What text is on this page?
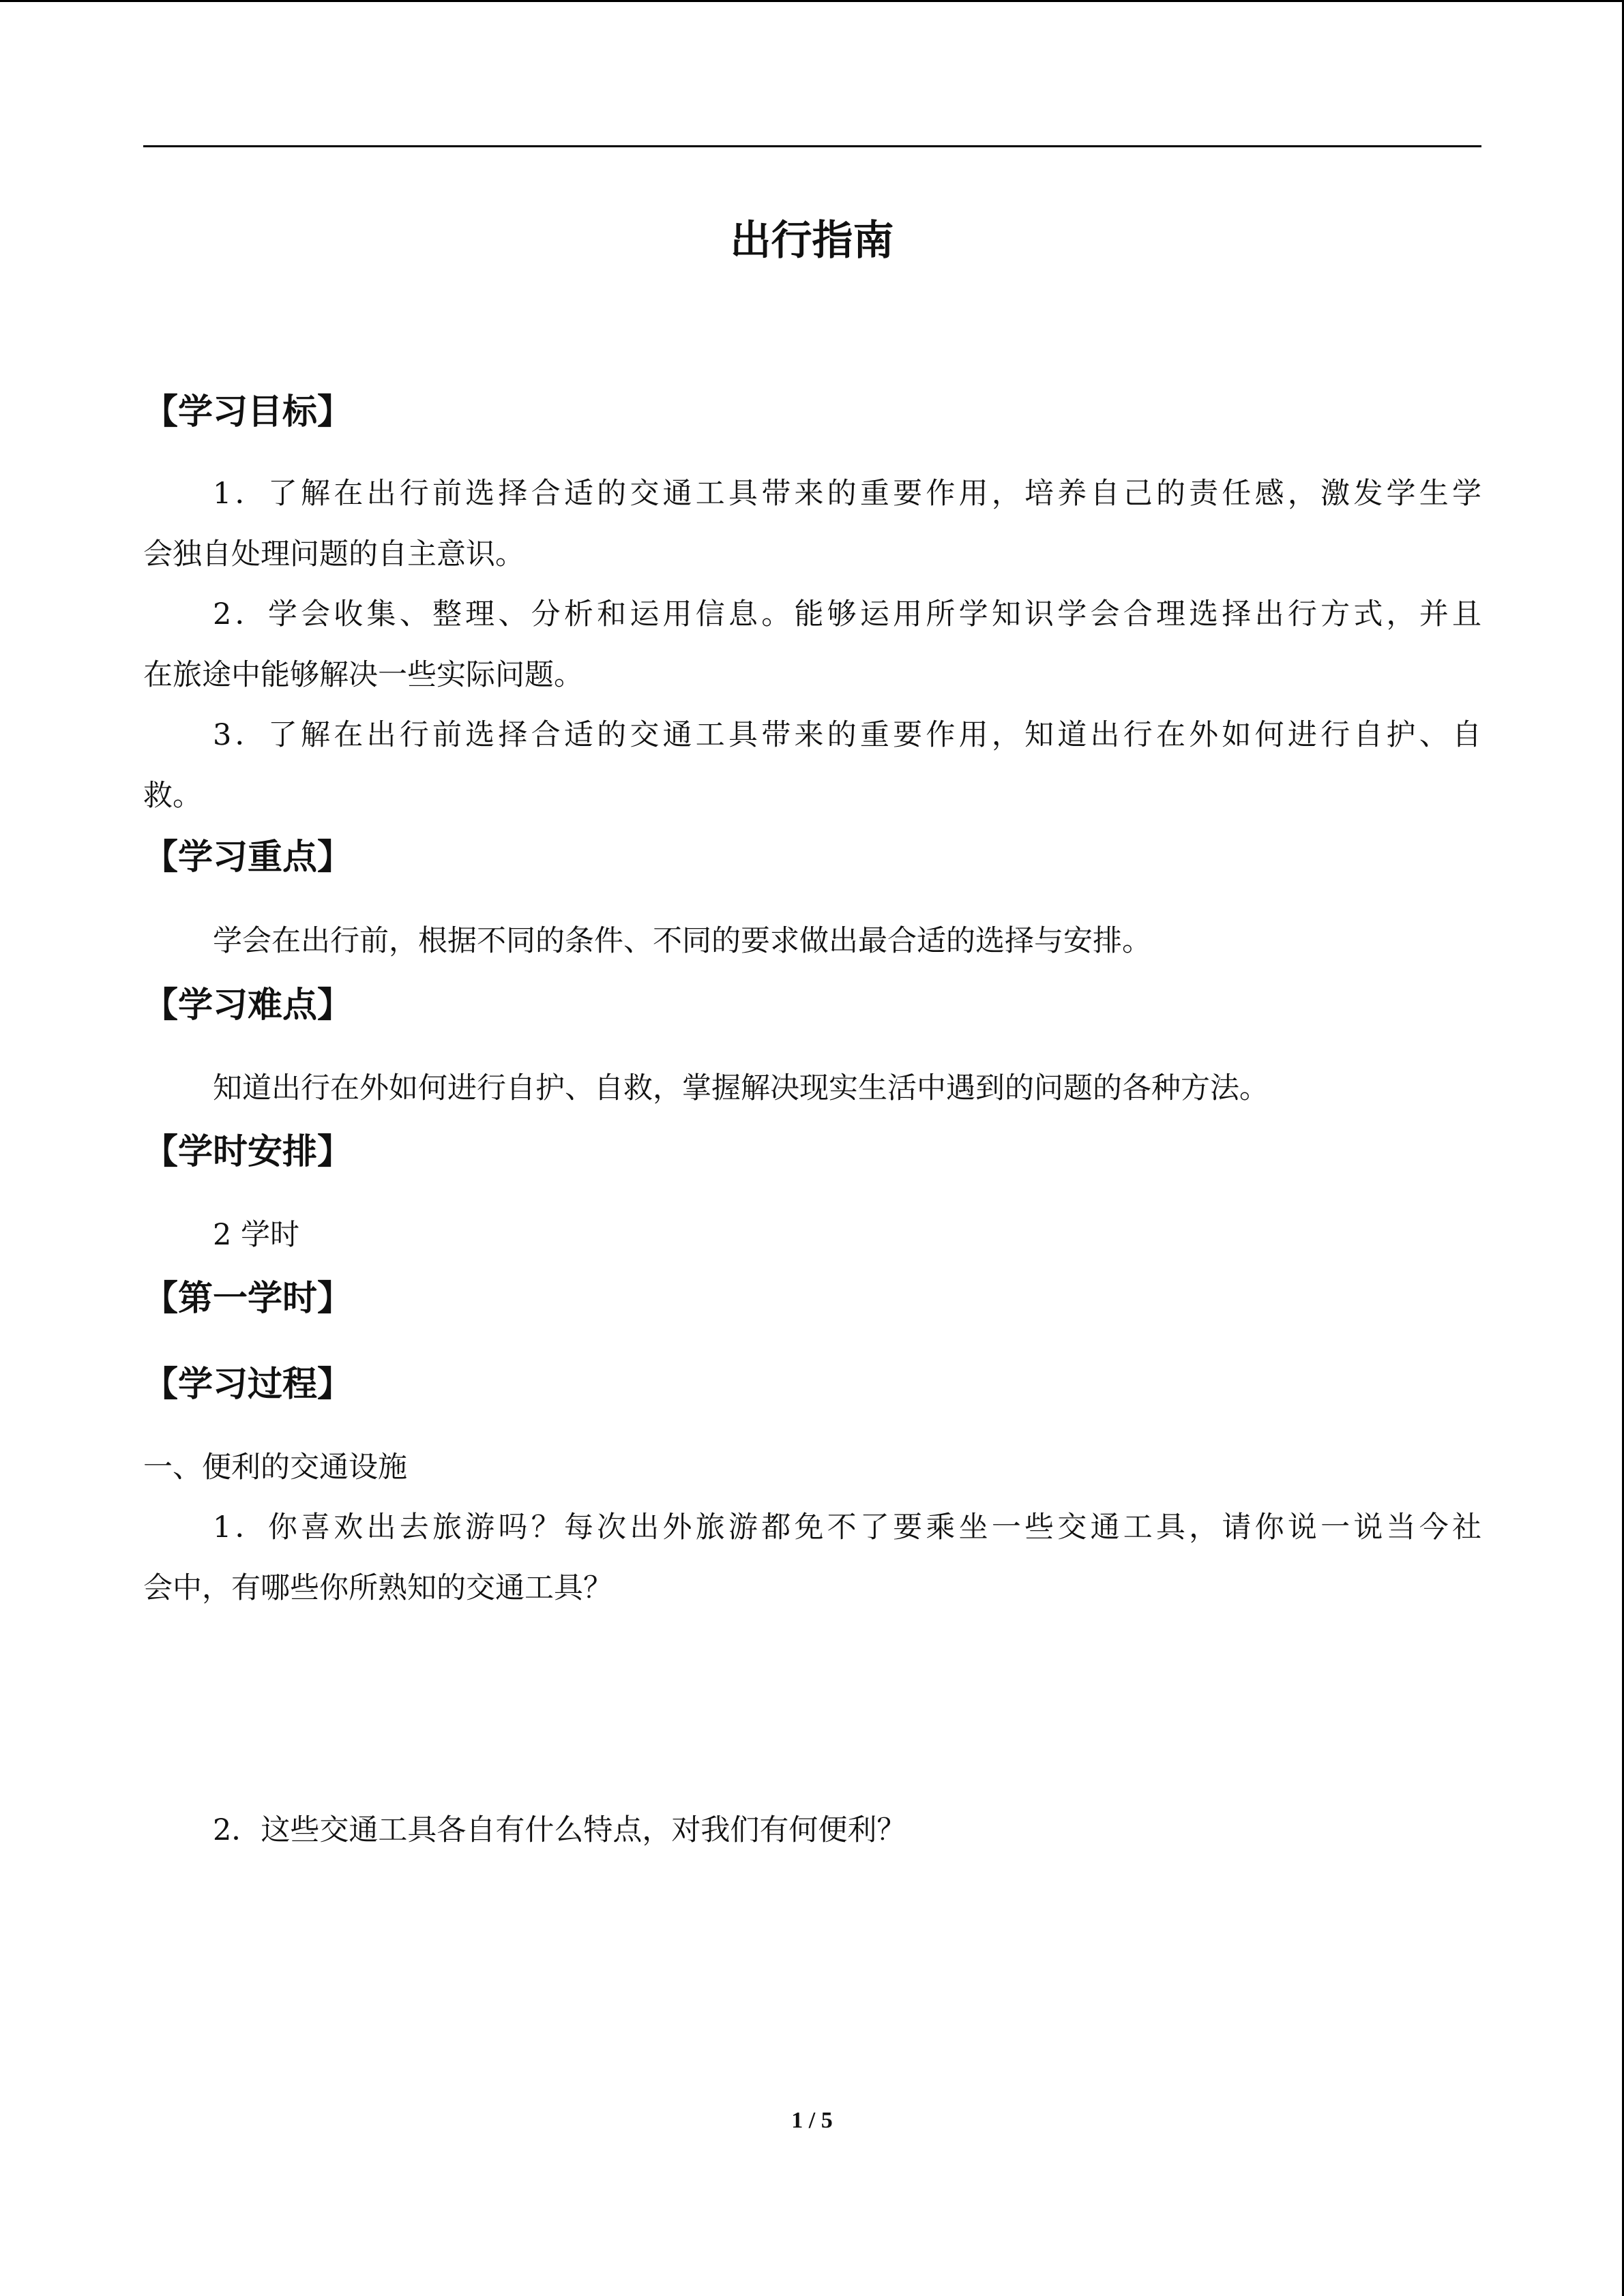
出行指南
【学习目标】
1．了解在出行前选择合适的交通工具带来的重要作用，培养自己的责任感，激发学生学
会独自处理问题的自主意识。
2．学会收集、整理、分析和运用信息。能够运用所学知识学会合理选择出行方式，并且
在旅途中能够解决一些实际问题。
3．了解在出行前选择合适的交通工具带来的重要作用，知道出行在外如何进行自护、自
救。
【学习重点】
学会在出行前，根据不同的条件、不同的要求做出最合适的选择与安排。
【学习难点】
知道出行在外如何进行自护、自救，掌握解决现实生活中遇到的问题的各种方法。
【学时安排】
2 学时
【第一学时】
【学习过程】
一、便利的交通设施
1．你喜欢出去旅游吗？每次出外旅游都免不了要乘坐一些交通工具，请你说一说当今社
会中，有哪些你所熟知的交通工具？
2．这些交通工具各自有什么特点，对我们有何便利？
1 / 5
